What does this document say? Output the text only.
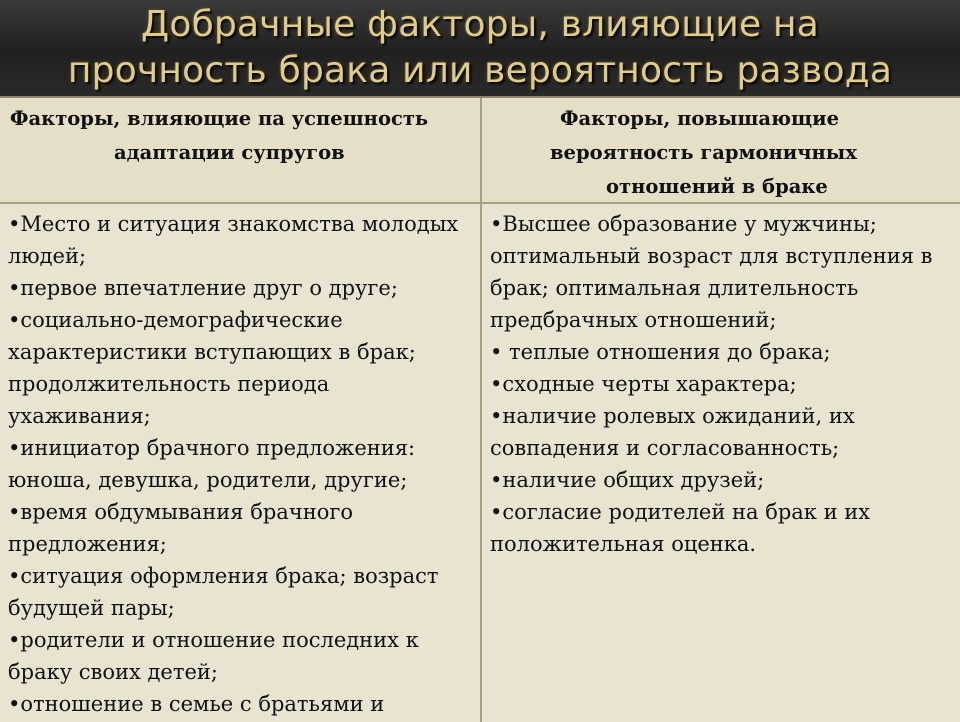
Добрачные факторы, влияющие на
прочность брака или вероятность развода
Факторы, влияющие па успешность
адаптации супругов
•Место и ситуация знакомства молодых
людей;
•первое впечатление друг о друге;
•социально-демографические
характеристики вступающих в брак;
продолжительность периода
ухаживания;
•инициатор брачного предложения:
юноша, девушка, родители, другие;
•время обдумывания брачного
предложения;
•ситуация оформления брака; возраст
будущей пары;
•родители и отношение последних к
браку своих детей;
•отношение в семье с братьями и
Факторы, повышающие
вероятность гармоничных
отношений в браке
•Высшее образование у мужчины;
оптимальный возраст для вступления в
брак; оптимальная длительность
предбрачных отношений;
• теплые отношения до брака;
•сходные черты характера;
•наличие ролевых ожиданий, их
совпадения и согласованность;
•наличие общих друзей;
•согласие родителей на брак и их
положительная оценка.
